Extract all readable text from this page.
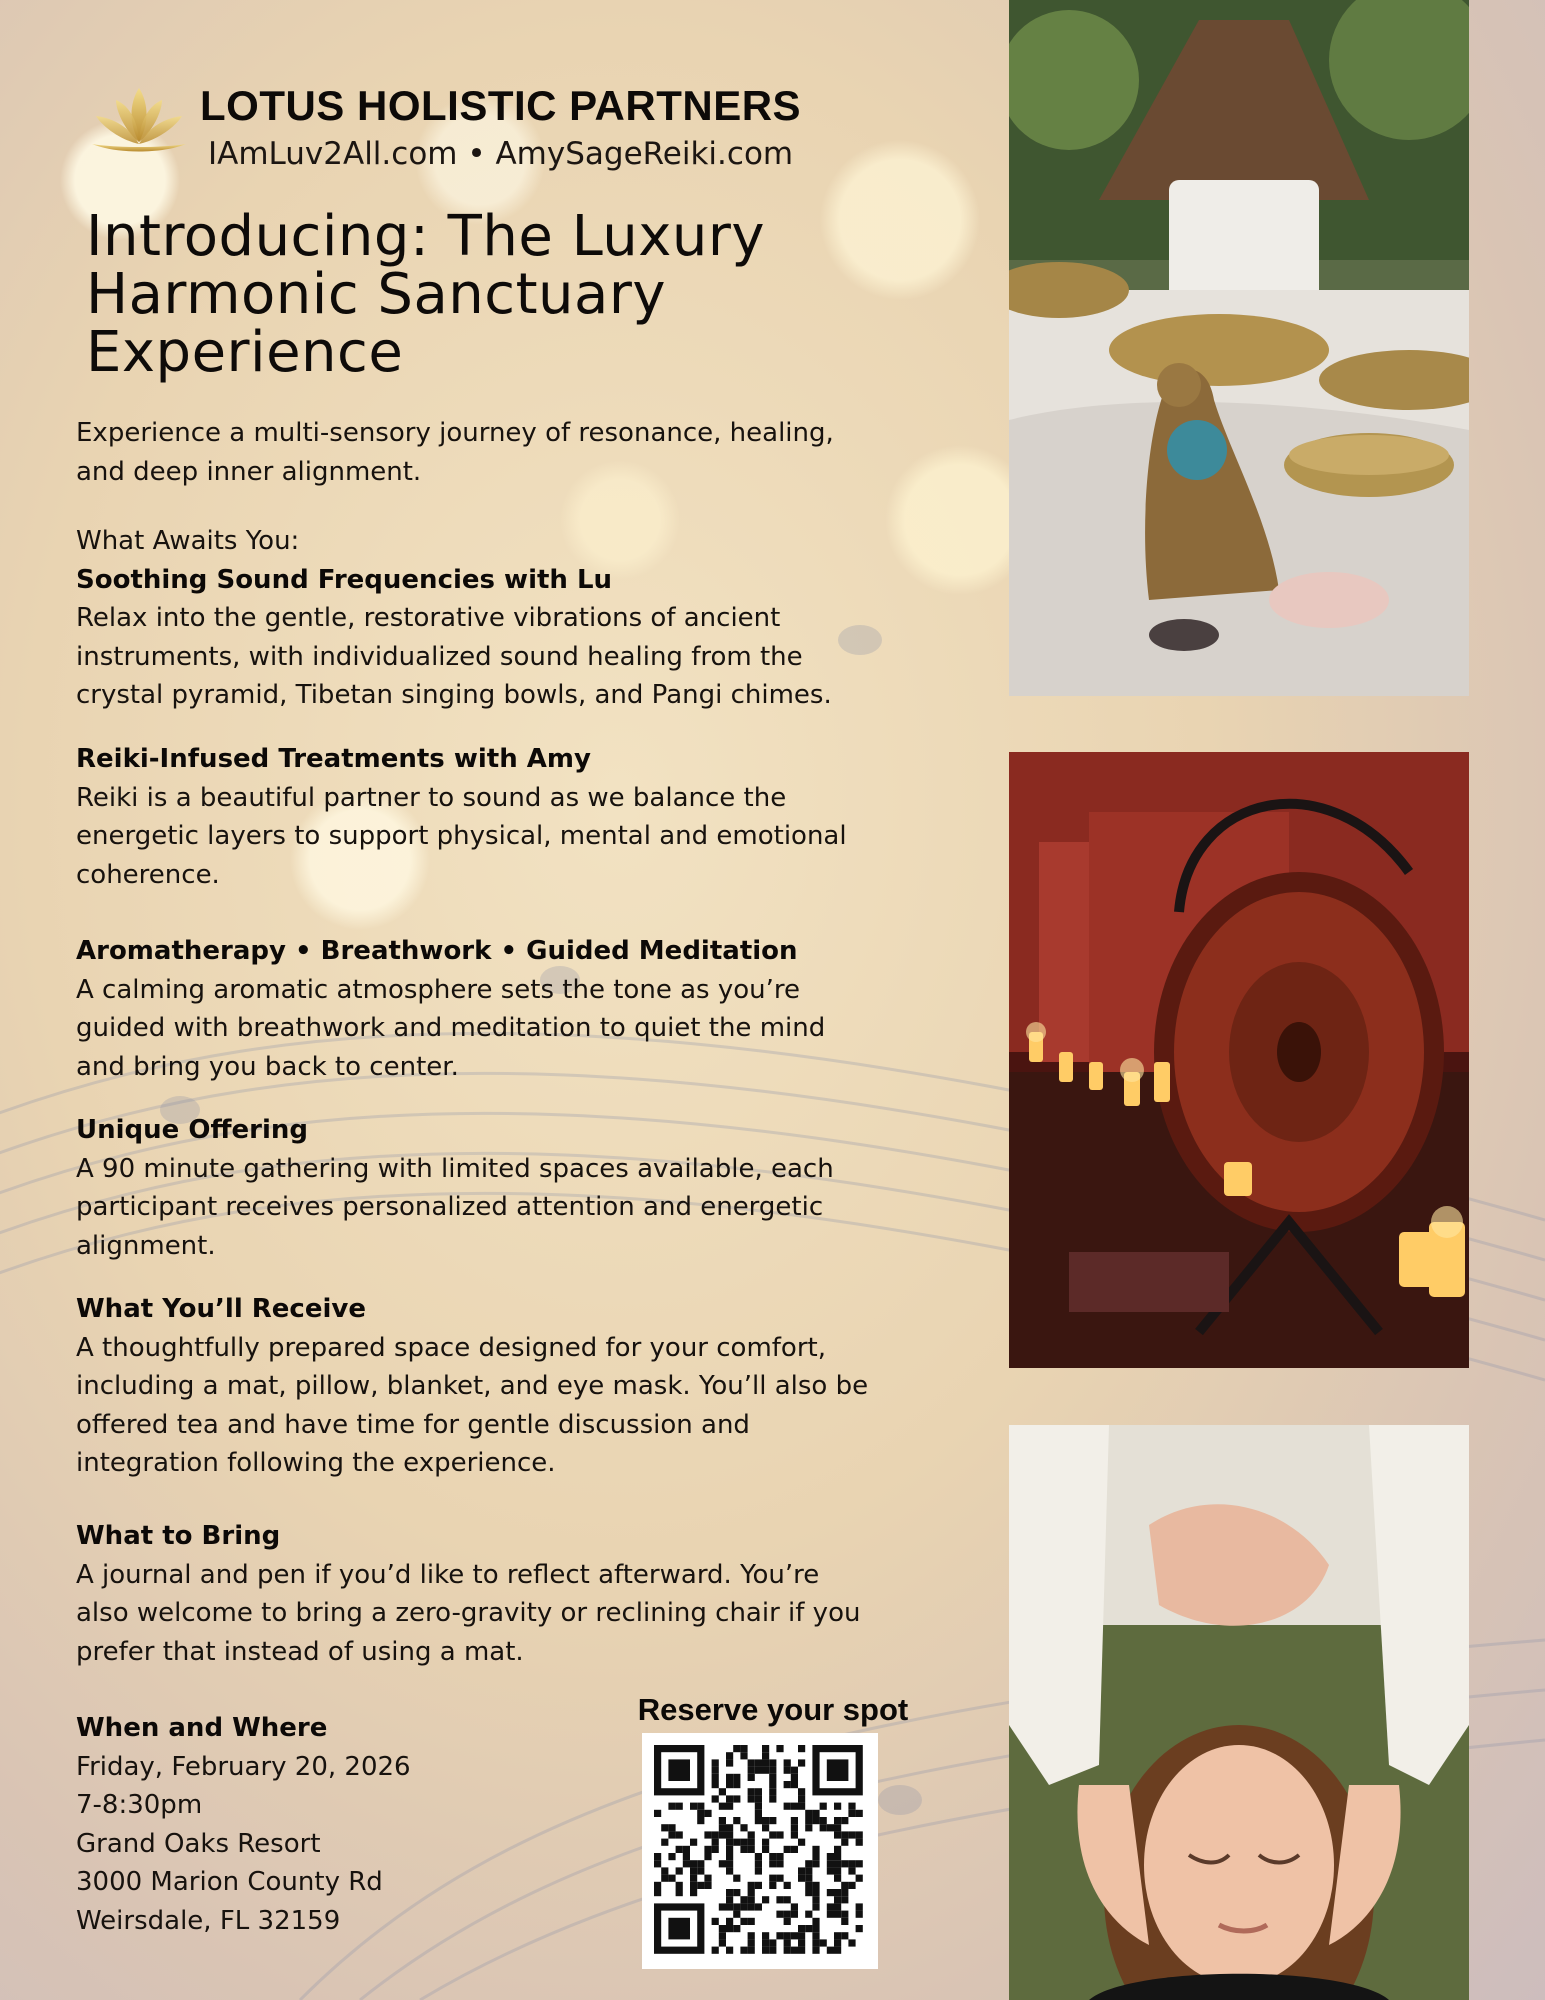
LOTUS HOLISTIC PARTNERS
IAmLuv2All.com • AmySageReiki.com
Introducing: The Luxury
Harmonic Sanctuary
Experience

Experience a multi-sensory journey of resonance, healing,

and deep inner alignment.

What Awaits You:

Soothing Sound Frequencies with Lu

Relax into the gentle, restorative vibrations of ancient

instruments, with individualized sound healing from the

crystal pyramid, Tibetan singing bowls, and Pangi chimes.

Reiki-Infused Treatments with Amy

Reiki is a beautiful partner to sound as we balance the

energetic layers to support physical, mental and emotional

coherence.

Aromatherapy • Breathwork • Guided Meditation

A calming aromatic atmosphere sets the tone as you’re

guided with breathwork and meditation to quiet the mind

and bring you back to center.

Unique Offering

A 90 minute gathering with limited spaces available, each

participant receives personalized attention and energetic

alignment.

What You’ll Receive

A thoughtfully prepared space designed for your comfort,

including a mat, pillow, blanket, and eye mask. You’ll also be

offered tea and have time for gentle discussion and

integration following the experience.

What to Bring

A journal and pen if you’d like to reflect afterward. You’re

also welcome to bring a zero-gravity or reclining chair if you

prefer that instead of using a mat.

When and Where

Friday, February 20, 2026

7-8:30pm

Grand Oaks Resort

3000 Marion County Rd

Weirsdale, FL 32159

Reserve your spot
